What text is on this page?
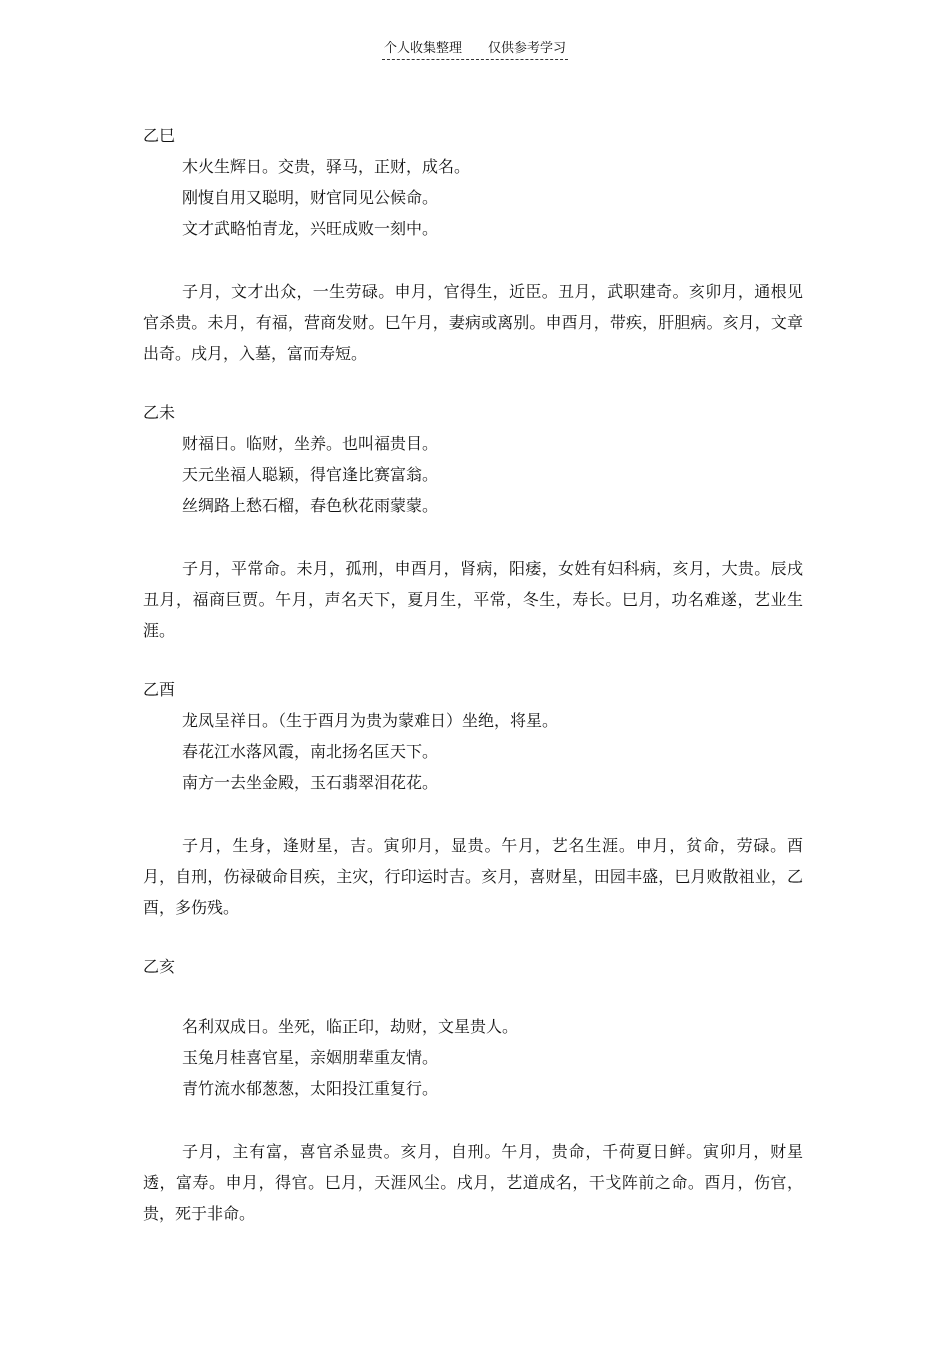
个人收集整理 仅供参考学习
乙巳
木火生辉日。交贵，驿马，正财，成名。
刚愎自用又聪明，财官同见公候命。
文才武略怕青龙，兴旺成败一刻中。
子月，文才出众，一生劳碌。申月，官得生，近臣。丑月，武职建奇。亥卯月，通根见官杀贵。未月，有福，营商发财。巳午月，妻病或离别。申酉月，带疾，肝胆病。亥月，文章出奇。戌月，入墓，富而寿短。
乙未
财福日。临财，坐养。也叫福贵目。
天元坐福人聪颖，得官逢比赛富翁。
丝绸路上愁石榴，春色秋花雨蒙蒙。
子月，平常命。未月，孤刑，申酉月，肾病，阳痿，女姓有妇科病，亥月，大贵。辰戌丑月，福商巨贾。午月，声名天下，夏月生，平常，冬生，寿长。巳月，功名难遂，艺业生涯。
乙酉
龙凤呈祥日。（生于酉月为贵为蒙难日）坐绝，将星。
春花江水落风霞，南北扬名匡天下。
南方一去坐金殿，玉石翡翠泪花花。
子月，生身，逢财星，吉。寅卯月，显贵。午月，艺名生涯。申月，贫命，劳碌。酉月，自刑，伤禄破命目疾，主灾，行印运时吉。亥月，喜财星，田园丰盛，巳月败散祖业，乙酉，多伤残。
乙亥
名利双成日。坐死，临正印，劫财，文星贵人。
玉兔月桂喜官星，亲姻朋辈重友情。
青竹流水郁葱葱，太阳投江重复行。
子月，主有富，喜官杀显贵。亥月，自刑。午月，贵命，千荷夏日鲜。寅卯月，财星透，富寿。申月，得官。巳月，天涯风尘。戌月，艺道成名，干戈阵前之命。酉月，伤官，贵，死于非命。
